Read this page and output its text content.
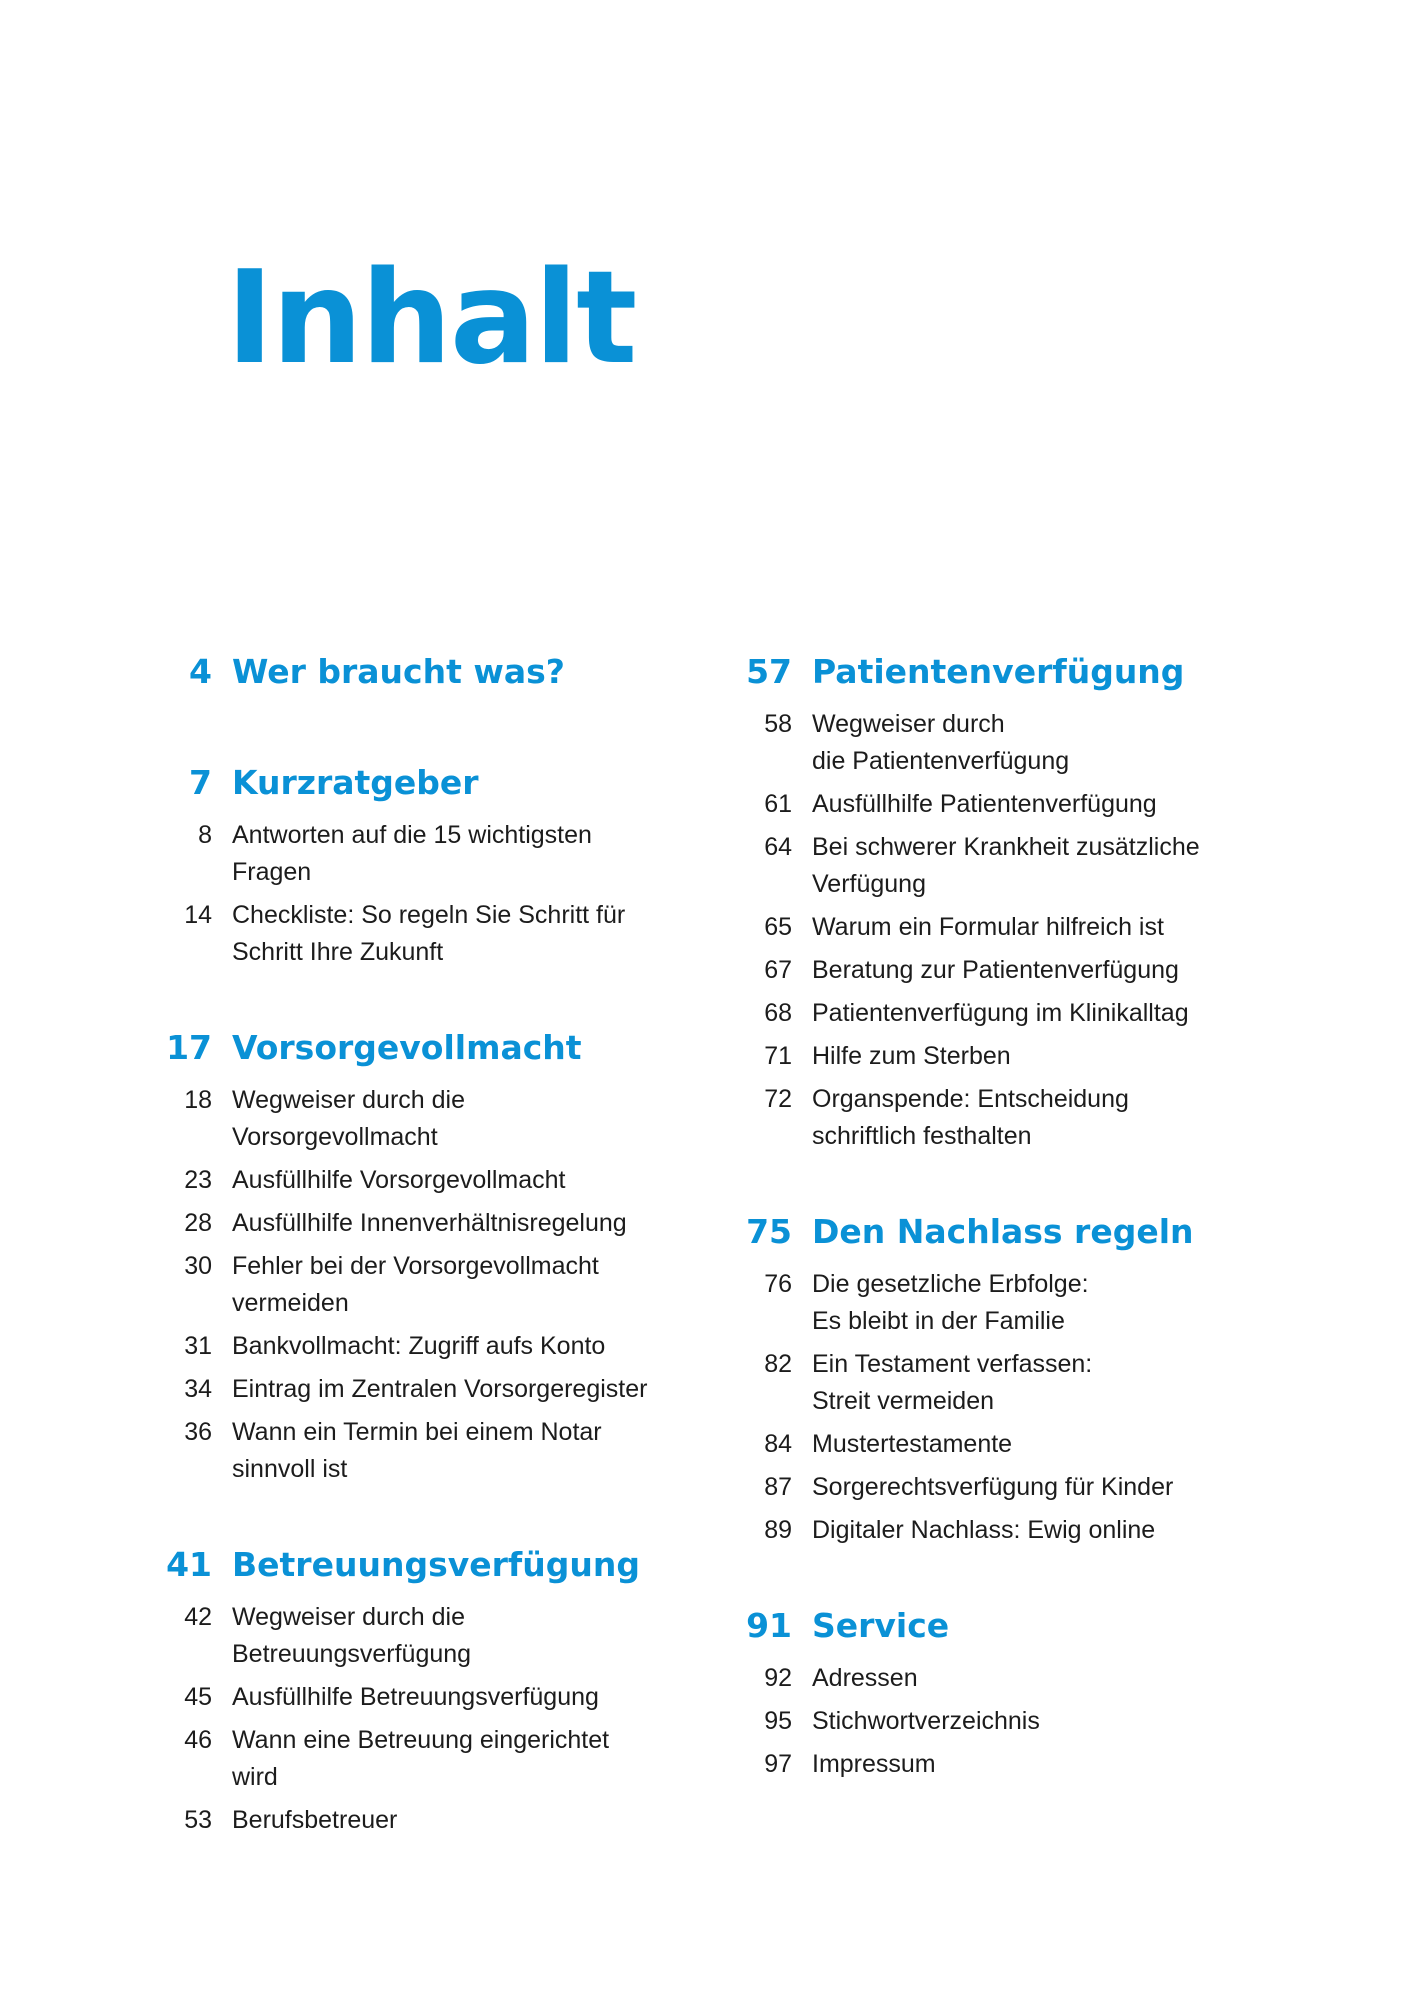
Inhalt
4 Wer braucht was?
7 Kurzratgeber
8 Antworten auf die 15 wichtigsten
Fragen
14 Checkliste: So regeln Sie Schritt für
Schritt Ihre Zukunft
17 Vorsorgevollmacht
18 Wegweiser durch die
Vorsorgevollmacht
23 Ausfüllhilfe Vorsorgevollmacht
28 Ausfüllhilfe Innenverhältnisregelung
30 Fehler bei der Vorsorgevollmacht
vermeiden
31 Bankvollmacht: Zugriff aufs Konto
34 Eintrag im Zentralen Vorsorgeregister
36 Wann ein Termin bei einem Notar
sinnvoll ist
41 Betreuungsverfügung
42 Wegweiser durch die
Betreuungsverfügung
45 Ausfüllhilfe Betreuungsverfügung
46 Wann eine Betreuung eingerichtet
wird
53 Berufsbetreuer
57 Patientenverfügung
58 Wegweiser durch
die Patientenverfügung
61 Ausfüllhilfe Patientenverfügung
64 Bei schwerer Krankheit zusätzliche
Verfügung
65 Warum ein Formular hilfreich ist
67 Beratung zur Patientenverfügung
68 Patientenverfügung im Klinikalltag
71 Hilfe zum Sterben
72 Organspende: Entscheidung
schriftlich festhalten
75 Den Nachlass regeln
76 Die gesetzliche Erbfolge:
Es bleibt in der Familie
82 Ein Testament verfassen:
Streit vermeiden
84 Mustertestamente
87 Sorgerechtsverfügung für Kinder
89 Digitaler Nachlass: Ewig online
91 Service
92 Adressen
95 Stichwortverzeichnis
97 Impressum
